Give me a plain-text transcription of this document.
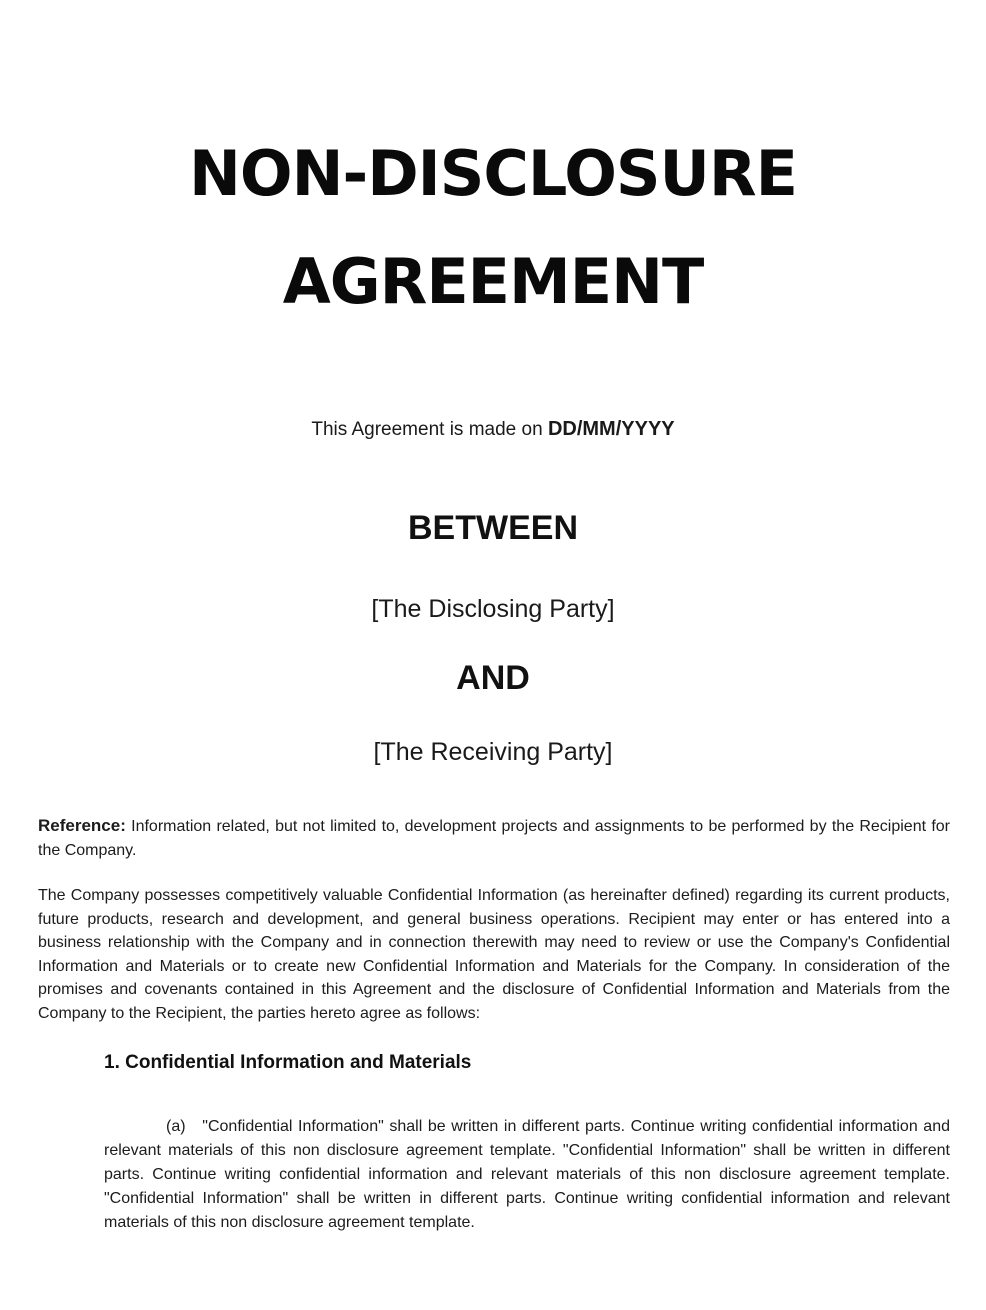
NON-DISCLOSURE
AGREEMENT
This Agreement is made on DD/MM/YYYY
BETWEEN
[The Disclosing Party]
AND
[The Receiving Party]

Reference: Information related, but not limited to, development projects and assignments to be performed by the Recipient for the Company.

The Company possesses competitively valuable Confidential Information (as hereinafter defined) regarding its current products, future products, research and development, and general business operations. Recipient may enter or has entered into a business relationship with the Company and in connection therewith may need to review or use the Company's Confidential Information and Materials or to create new Confidential Information and Materials for the Company. In consideration of the promises and covenants contained in this Agreement and the disclosure of Confidential Information and Materials from the Company to the Recipient, the parties hereto agree as follows:

1. Confidential Information and Materials

(a) "Confidential Information" shall be written in different parts. Continue writing confidential information and relevant materials of this non disclosure agreement template. "Confidential Information" shall be written in different parts. Continue writing confidential information and relevant materials of this non disclosure agreement template. "Confidential Information" shall be written in different parts. Continue writing confidential information and relevant materials of this non disclosure agreement template.
